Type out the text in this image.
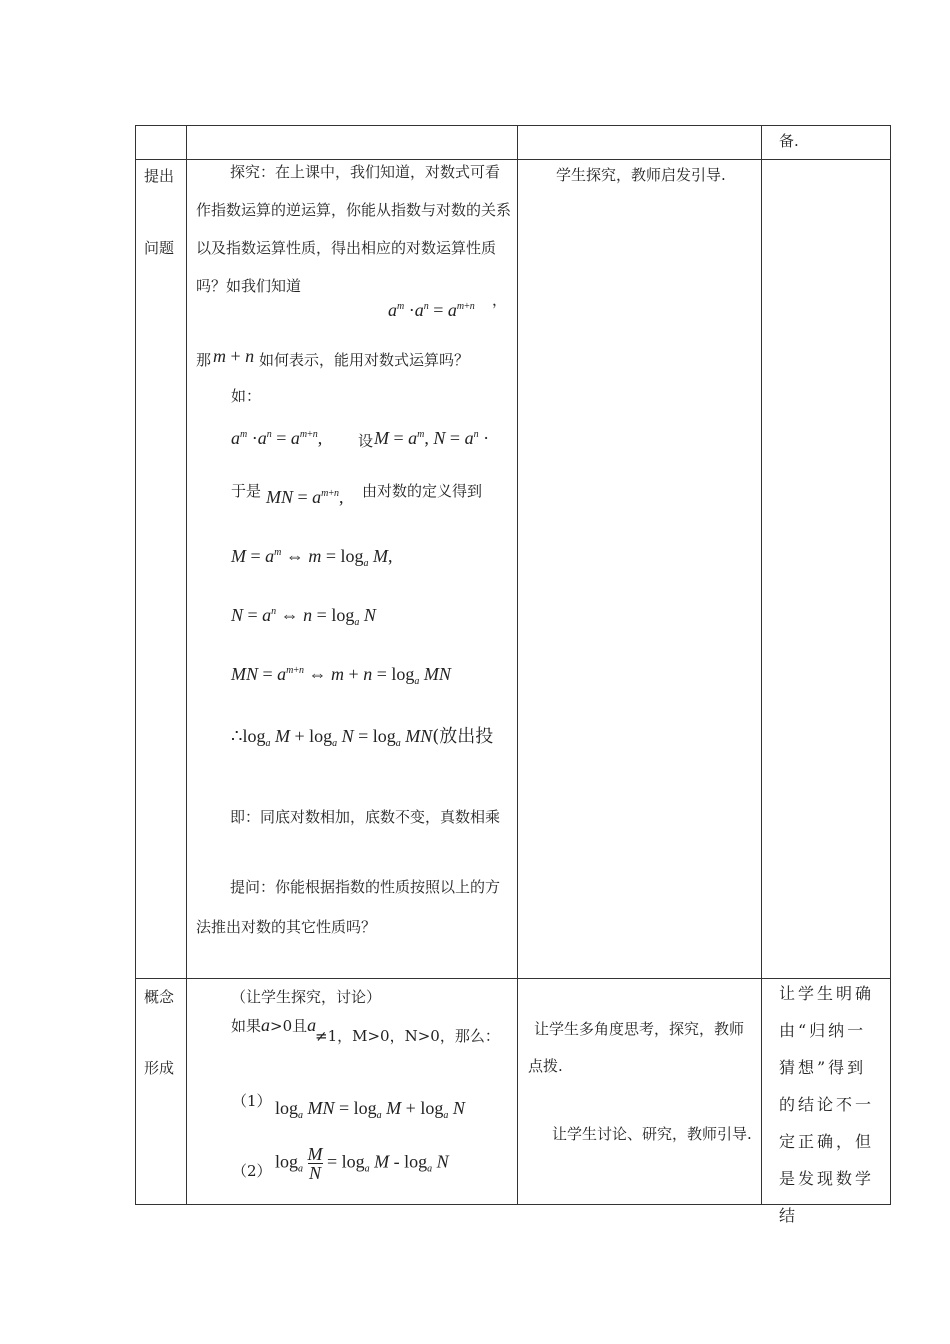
备.
提出
问题
探究：在上课中，我们知道，对数式可看作指数运算的逆运算，你能从指数与对数的关系以及指数运算性质，得出相应的对数运算性质吗？如我们知道
$a^m \cdot a^n = a^{m+n}$ ，
那 m + n 如何表示，能用对数式运算吗？
如：
$a^m \cdot a^n = a^{m+n}$, 设 $M = a^m$, $N = a^n$ ·
于是 MN = $a^{m+n}$, 由对数的定义得到
$M = a^m$ ⇔ $m = \log_a M$,
$N = a^n$ ⇔ $n = \log_a N$
MN = $a^{m+n}$ ⇔ $m + n = \log_a$ MN
$\therefore\log_a$ $M + \log_a N = \log_a MN$(放出投
即：同底对数相加，底数不变，真数相乘
提问：你能根据指数的性质按照以上的方法推出对数的其它性质吗？
学生探究，教师启发引导.
概念
形成
（让学生探究，讨论）
如果a>0且a
≠1，M>0，N>0，那么：
（1） $\log_a$ MN = $\log_a M + \log_a N$
（2） $\log_a \frac{M}{N} = \log_a M - \log_a N$
让学生多角度思考，探究，教师点拨.
让学生讨论、研究，教师引导.
让学生明确由“归纳一猜想”得到的结论不一定正确，但是发现数学结
